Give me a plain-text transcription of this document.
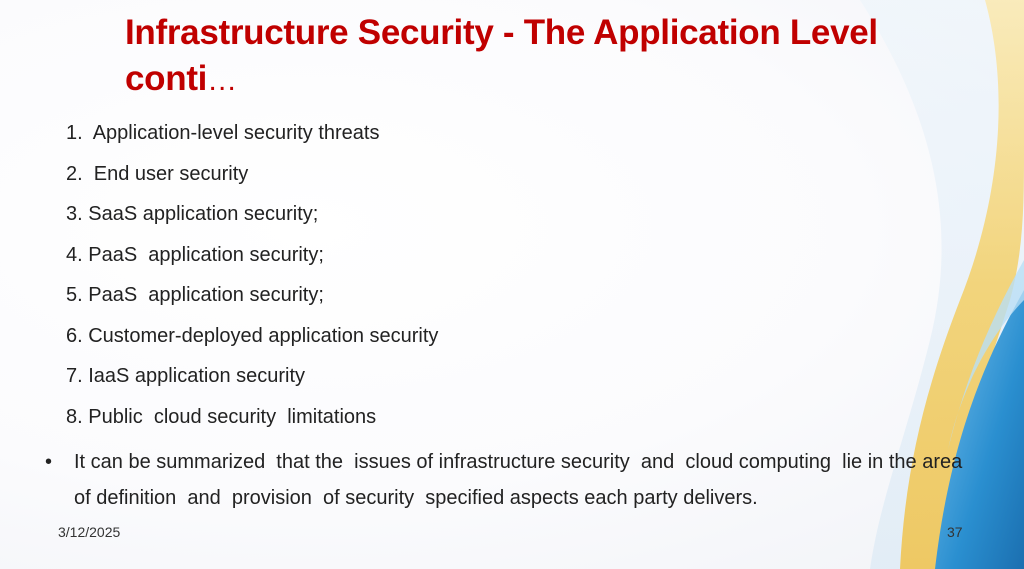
Infrastructure Security - The Application Level conti…
1.  Application-level security threats
2.  End user security
3. SaaS application security;
4. PaaS  application security;
5. PaaS  application security;
6. Customer-deployed application security
7. IaaS application security
8. Public  cloud security  limitations
• It can be summarized  that the  issues of infrastructure security  and  cloud computing  lie in the area  of definition  and  provision  of security  specified aspects each party delivers.
3/12/2025	37
